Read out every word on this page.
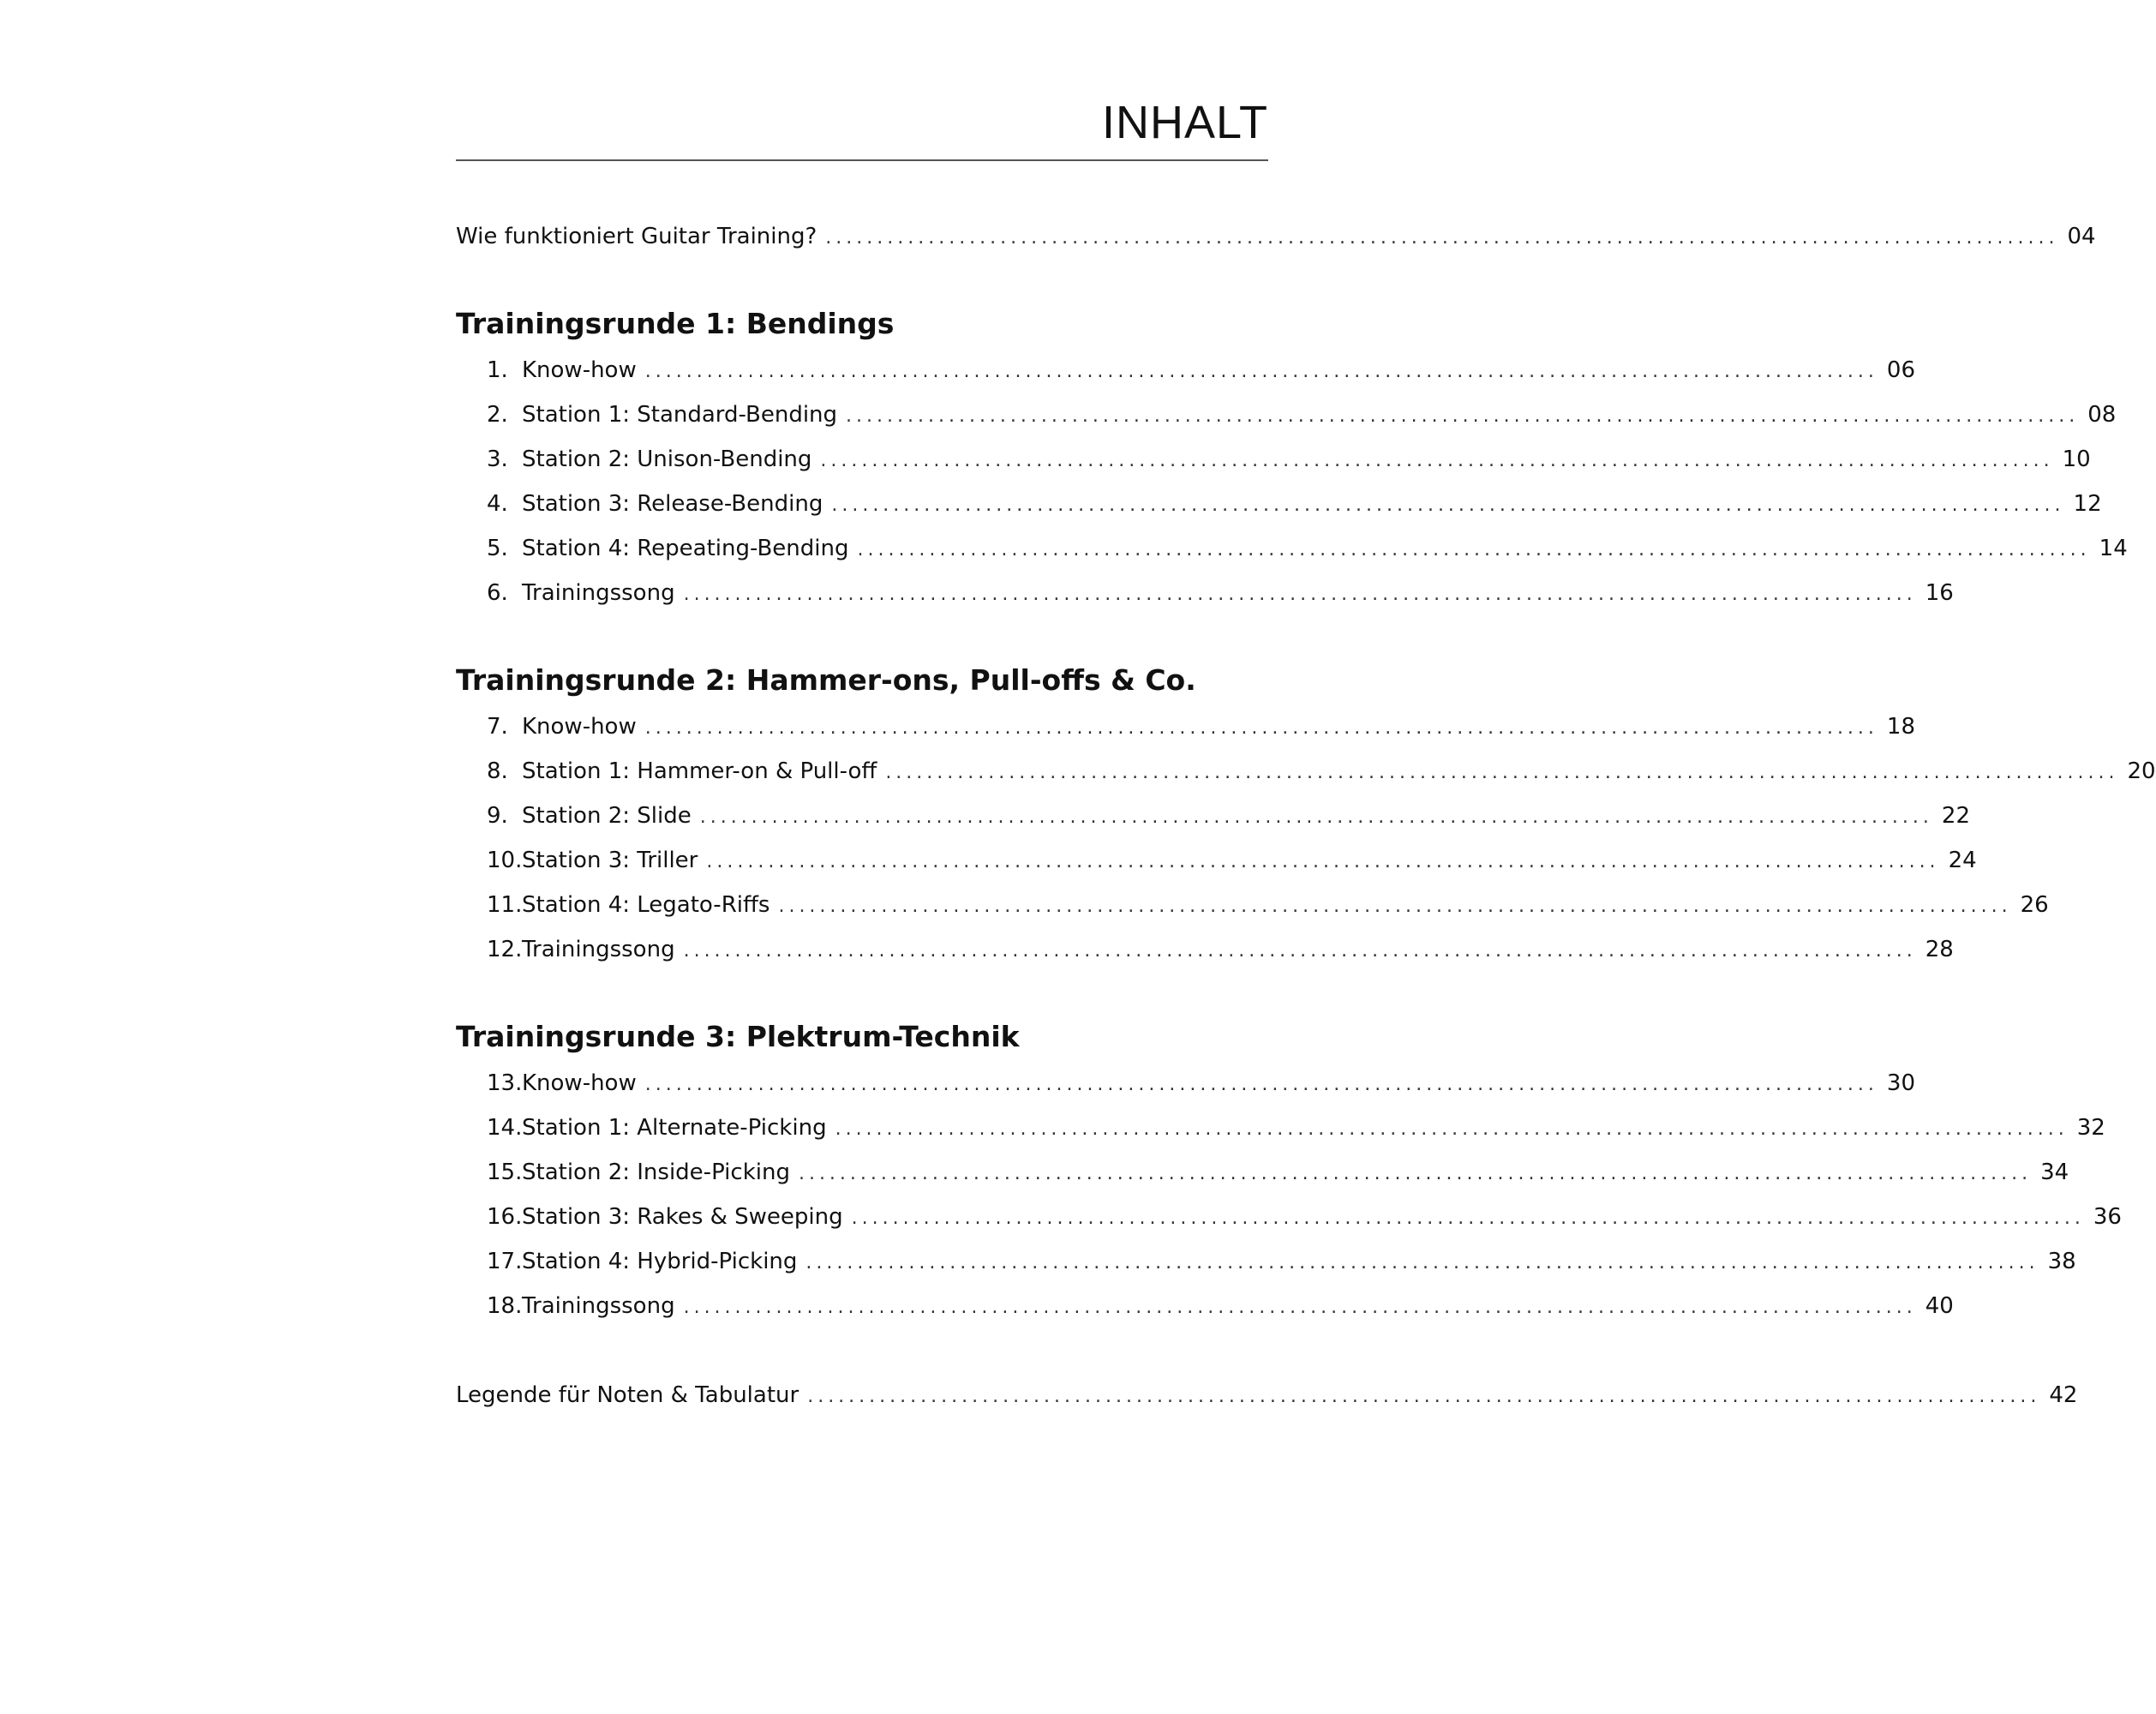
INHALT
Wie funktioniert Guitar Training? ........................................................................................................................ 04
Trainingsrunde 1: Bendings
1. Know-how ........................................................................................................................ 06
2. Station 1: Standard-Bending ........................................................................................................................ 08
3. Station 2: Unison-Bending ........................................................................................................................ 10
4. Station 3: Release-Bending ........................................................................................................................ 12
5. Station 4: Repeating-Bending ........................................................................................................................ 14
6. Trainingssong ........................................................................................................................ 16
Trainingsrunde 2: Hammer-ons, Pull-offs & Co.
7. Know-how ........................................................................................................................ 18
8. Station 1: Hammer-on & Pull-off ........................................................................................................................ 20
9. Station 2: Slide ........................................................................................................................ 22
10. Station 3: Triller ........................................................................................................................ 24
11. Station 4: Legato-Riffs ........................................................................................................................ 26
12. Trainingssong ........................................................................................................................ 28
Trainingsrunde 3: Plektrum-Technik
13. Know-how ........................................................................................................................ 30
14. Station 1: Alternate-Picking ........................................................................................................................ 32
15. Station 2: Inside-Picking ........................................................................................................................ 34
16. Station 3: Rakes & Sweeping ........................................................................................................................ 36
17. Station 4: Hybrid-Picking ........................................................................................................................ 38
18. Trainingssong ........................................................................................................................ 40
Legende für Noten & Tabulatur ........................................................................................................................ 42
